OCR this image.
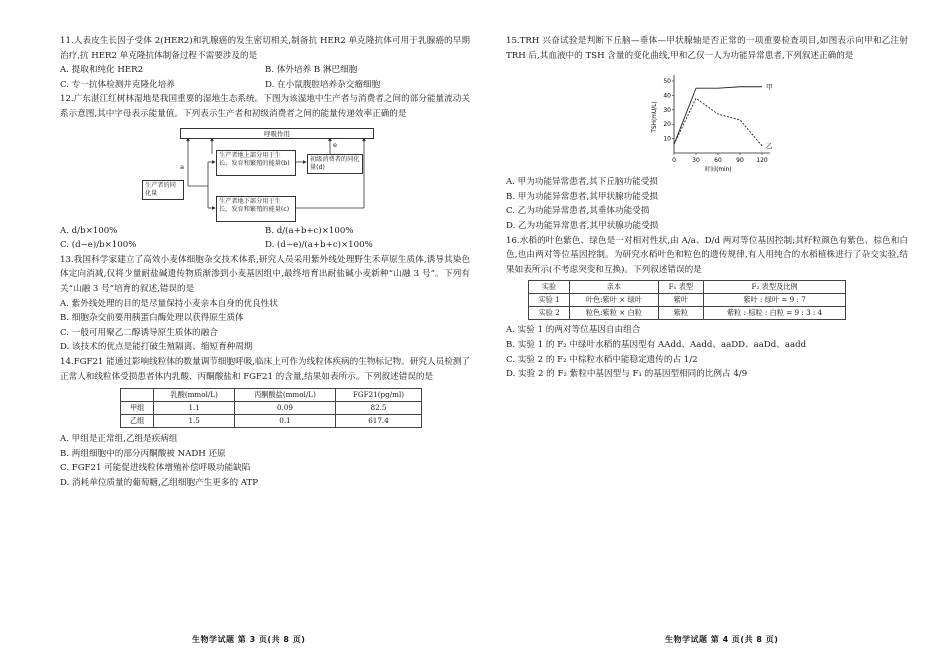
11.人表皮生长因子受体 2(HER2)和乳腺癌的发生密切相关,制备抗 HER2 单克隆抗体可用于乳腺癌的早期治疗,抗 HER2 单克隆抗体制备过程不需要涉及的是

A. 提取和纯化 HER2	B. 体外培养 B 淋巴细胞
C. 专一抗体检测并克隆化培养	D. 在小鼠腹腔培养杂交瘤细胞

12.广东湛江红树林湿地是我国重要的湿地生态系统。下图为该湿地中生产者与消费者之间的部分能量流动关系示意图,其中字母表示能量值。下列表示生产者和初级消费者之间的能量传递效率正确的是

呼吸作用
生产者的同化量
生产者地上部分用于生长、发育和繁殖的能量(b)
生产者地下部分用于生长、发育和繁殖的能量(c)
初级消费者的同化量(d)
a
e
A. d/b×100%	B. d/(a+b+c)×100%
C. (d−e)/b×100%	D. (d−e)/(a+b+c)×100%

13.我国科学家建立了高效小麦体细胞杂交技术体系,研究人员采用紫外线处理野生禾草原生质体,诱导其染色体定向消减,仅将少量耐盐碱遗传物质渐渗到小麦基因组中,最终培育出耐盐碱小麦新种“山融 3 号”。下列有关“山融 3 号”培育的叙述,错误的是

A. 紫外线处理的目的是尽量保持小麦亲本自身的优良性状
B. 细胞杂交前要用胰蛋白酶处理以获得原生质体
C. 一般可用聚乙二醇诱导原生质体的融合
D. 该技术的优点是能打破生殖隔离、缩短育种周期

14.FGF21 能通过影响线粒体的数量调节细胞呼吸,临床上可作为线粒体疾病的生物标记物。研究人员检测了正常人和线粒体受损患者体内乳酸、丙酮酸盐和 FGF21 的含量,结果如表所示。下列叙述错误的是

	乳酸(mmol/L)	丙酮酸盐(mmol/L)	FGF21(pg/ml)
甲组	1.1	0.09	82.5
乙组	1.5	0.1	617.4
A. 甲组是正常组,乙组是疾病组
B. 两组细胞中的部分丙酮酸被 NADH 还原
C. FGF21 可能促进线粒体增殖补偿呼吸功能缺陷
D. 消耗单位质量的葡萄糖,乙组细胞产生更多的 ATP

15.TRH 兴奋试验是判断下丘脑—垂体—甲状腺轴是否正常的一项重要检查项目,如图表示向甲和乙注射 TRH 后,其血液中的 TSH 含量的变化曲线,甲和乙仅一人为功能异常患者,下列叙述正确的是

0	30 60 90 120
10
20
30
40
50
时间(min)
TSH(mU/L)
甲
乙
A. 甲为功能异常患者,其下丘脑功能受损
B. 甲为功能异常患者,其甲状腺功能受损
C. 乙为功能异常患者,其垂体功能受损
D. 乙为功能异常患者,其甲状腺功能受损

16.水稻的叶色紫色、绿色是一对相对性状,由 A/a、D/d 两对等位基因控制;其籽粒颜色有紫色、棕色和白色,也由两对等位基因控制。为研究水稻叶色和粒色的遗传规律,有人用纯合的水稻植株进行了杂交实验,结果如表所示(不考虑突变和互换)。下列叙述错误的是

实验	亲本	F₁ 表型	F₂ 表型及比例
实验 1	叶色:紫叶 × 绿叶	紫叶	紫叶 : 绿叶 = 9 : 7
实验 2	粒色:紫粒 × 白粒	紫粒	紫粒 : 棕粒 : 白粒 = 9 : 3 : 4
A. 实验 1 的两对等位基因自由组合
B. 实验 1 的 F₂ 中绿叶水稻的基因型有 AAdd、Aadd、aaDD、aaDd、aadd
C. 实验 2 的 F₂ 中棕粒水稻中能稳定遗传的占 1/2
D. 实验 2 的 F₂ 紫粒中基因型与 F₁ 的基因型相同的比例占 4/9
生物学试题 第 3 页(共 8 页)	生物学试题 第 4 页(共 8 页)
